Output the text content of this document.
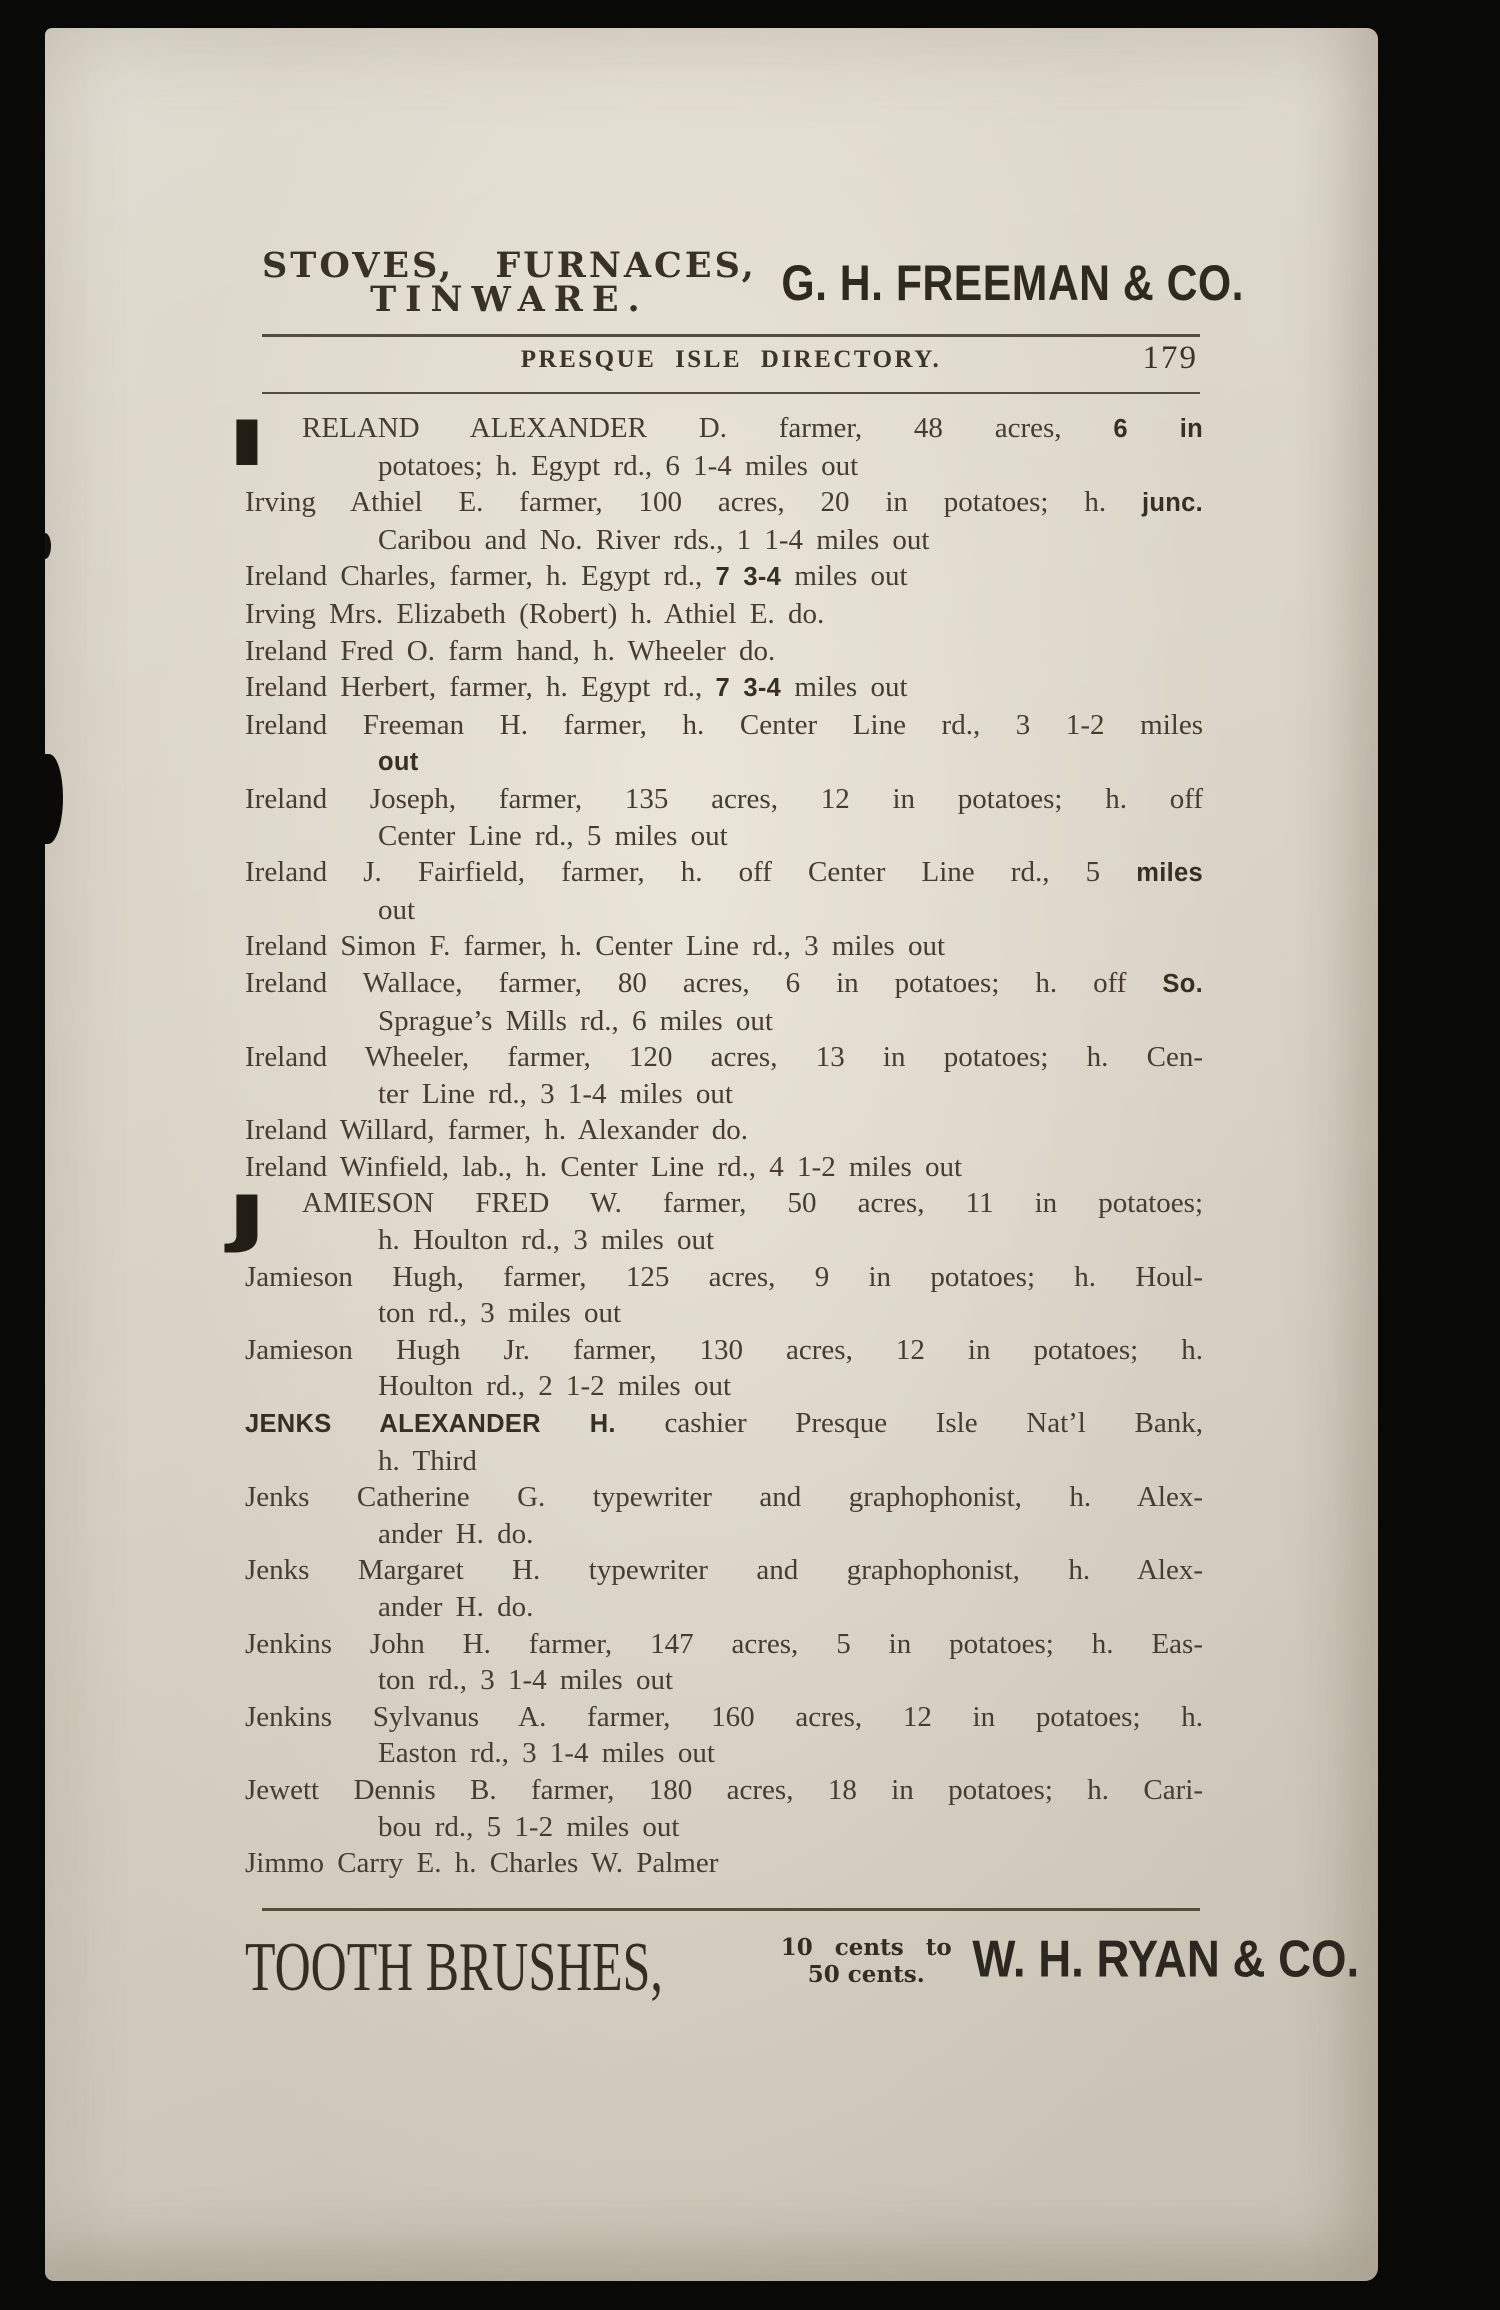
STOVES, FURNACES,
TINWARE.	G. H. FREEMAN & CO.
PRESQUE ISLE DIRECTORY.	179
I	RELAND ALEXANDER D. farmer, 48 acres, 6 in
potatoes; h. Egypt rd., 6 1-4 miles out
Irving Athiel E. farmer, 100 acres, 20 in potatoes; h. junc.
Caribou and No. River rds., 1 1-4 miles out
Ireland Charles, farmer, h. Egypt rd., 7 3-4 miles out
Irving Mrs. Elizabeth (Robert) h. Athiel E. do.
Ireland Fred O. farm hand, h. Wheeler do.
Ireland Herbert, farmer, h. Egypt rd., 7 3-4 miles out
Ireland Freeman H. farmer, h. Center Line rd., 3 1-2 miles
out
Ireland Joseph, farmer, 135 acres, 12 in potatoes; h. off
Center Line rd., 5 miles out
Ireland J. Fairfield, farmer, h. off Center Line rd., 5 miles
out
Ireland Simon F. farmer, h. Center Line rd., 3 miles out
Ireland Wallace, farmer, 80 acres, 6 in potatoes; h. off So.
Sprague’s Mills rd., 6 miles out
Ireland Wheeler, farmer, 120 acres, 13 in potatoes; h. Cen-
ter Line rd., 3 1-4 miles out
Ireland Willard, farmer, h. Alexander do.
Ireland Winfield, lab., h. Center Line rd., 4 1-2 miles out
J	AMIESON FRED W. farmer, 50 acres, 11 in potatoes;
h. Houlton rd., 3 miles out
Jamieson Hugh, farmer, 125 acres, 9 in potatoes; h. Houl-
ton rd., 3 miles out
Jamieson Hugh Jr. farmer, 130 acres, 12 in potatoes; h.
Houlton rd., 2 1-2 miles out
JENKS ALEXANDER H. cashier Presque Isle Nat’l Bank,
h. Third
Jenks Catherine G. typewriter and graphophonist, h. Alex-
ander H. do.
Jenks Margaret H. typewriter and graphophonist, h. Alex-
ander H. do.
Jenkins John H. farmer, 147 acres, 5 in potatoes; h. Eas-
ton rd., 3 1-4 miles out
Jenkins Sylvanus A. farmer, 160 acres, 12 in potatoes; h.
Easton rd., 3 1-4 miles out
Jewett Dennis B. farmer, 180 acres, 18 in potatoes; h. Cari-
bou rd., 5 1-2 miles out
Jimmo Carry E. h. Charles W. Palmer
TOOTH BRUSHES,	10 cents to
50 cents. W. H. RYAN & CO.
